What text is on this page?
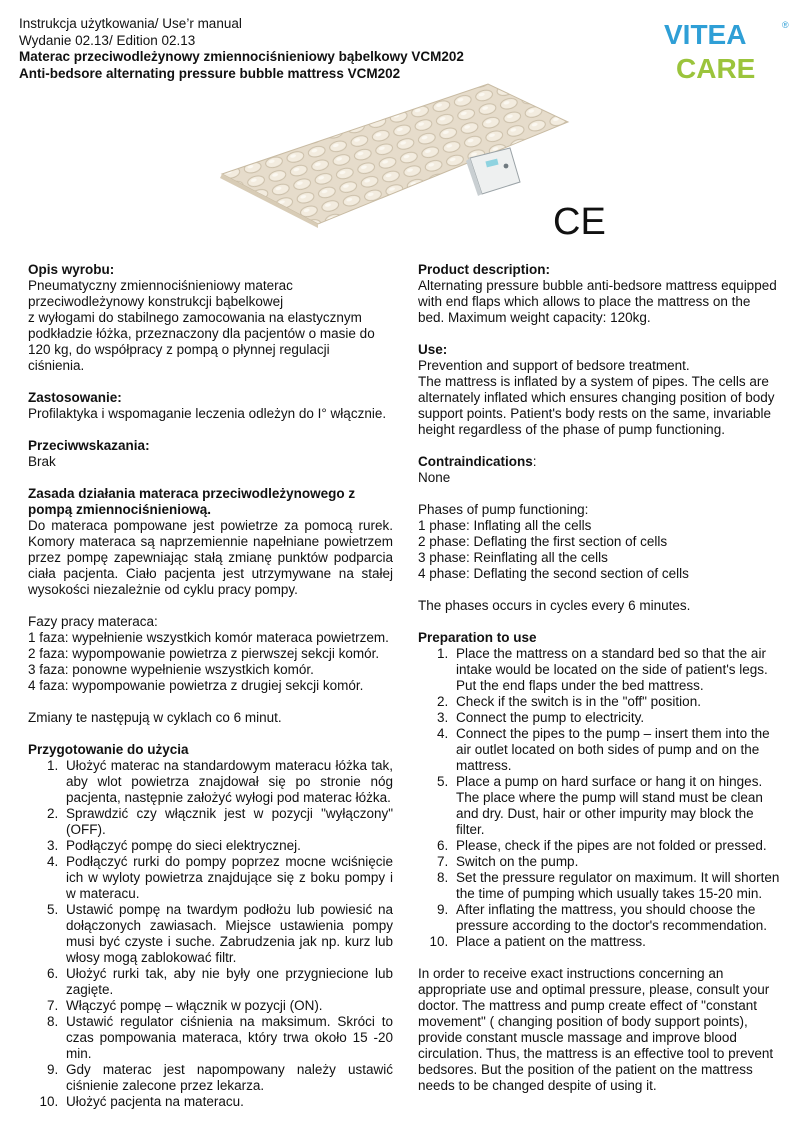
Instrukcja użytkowania/ Use’r manual
Wydanie 02.13/ Edition 02.13
Materac przeciwodleżynowy zmiennociśnieniowy bąbelkowy VCM202
Anti-bedsore alternating pressure bubble mattress VCM202
VITEA	®
CARE
CE
Opis wyrobu:

Pneumatyczny zmiennociśnieniowy materac

przeciwodleżynowy konstrukcji bąbelkowej

z wyłogami do stabilnego zamocowania na elastycznym

podkładzie łóżka, przeznaczony dla pacjentów o masie do

120 kg, do współpracy z pompą o płynnej regulacji

ciśnienia.

Zastosowanie:

Profilaktyka i wspomaganie leczenia odleżyn do I° włącznie.

Przeciwwskazania:

Brak

Zasada działania materaca przeciwodleżynowego z pompą zmiennociśnieniową.

Do materaca pompowane jest powietrze za pomocą rurek. Komory materaca są naprzemiennie napełniane powietrzem przez pompę zapewniając stałą zmianę punktów podparcia ciała pacjenta. Ciało pacjenta jest utrzymywane na stałej wysokości niezależnie od cyklu pracy pompy.

Fazy pracy materaca:

1 faza: wypełnienie wszystkich komór materaca powietrzem.

2 faza: wypompowanie powietrza z pierwszej sekcji komór.

3 faza: ponowne wypełnienie wszystkich komór.

4 faza: wypompowanie powietrza z drugiej sekcji komór.

Zmiany te następują w cyklach co 6 minut.

Przygotowanie do użycia
1. Ułożyć materac na standardowym materacu łóżka tak, aby wlot powietrza znajdował się po stronie nóg pacjenta, następnie założyć wyłogi pod materac łóżka.
2. Sprawdzić czy włącznik jest w pozycji "wyłączony" (OFF).
3. Podłączyć pompę do sieci elektrycznej.
4. Podłączyć rurki do pompy poprzez mocne wciśnięcie ich w wyloty powietrza znajdujące się z boku pompy i w materacu.
5. Ustawić pompę na twardym podłożu lub powiesić na dołączonych zawiasach. Miejsce ustawienia pompy musi być czyste i suche. Zabrudzenia jak np. kurz lub włosy mogą zablokować filtr.
6. Ułożyć rurki tak, aby nie były one przygniecione lub zagięte.
7. Włączyć pompę – włącznik w pozycji (ON).
8. Ustawić regulator ciśnienia na maksimum. Skróci to czas pompowania materaca, który trwa około 15 -20 min.
9. Gdy materac jest napompowany należy ustawić ciśnienie zalecone przez lekarza.
10. Ułożyć pacjenta na materacu.
Product description:

Alternating pressure bubble anti-bedsore mattress equipped with end flaps which allows to place the mattress on the bed. Maximum weight capacity: 120kg.

Use:

Prevention and support of bedsore treatment.

The mattress is inflated by a system of pipes. The cells are alternately inflated which ensures changing position of body support points. Patient's body rests on the same, invariable height regardless of the phase of pump functioning.

Contraindications:

None

Phases of pump functioning:

1 phase: Inflating all the cells

2 phase: Deflating the first section of cells

3 phase: Reinflating all the cells

4 phase: Deflating the second section of cells

The phases occurs in cycles every 6 minutes.

Preparation to use
1. Place the mattress on a standard bed so that the air intake would be located on the side of patient's legs. Put the end flaps under the bed mattress.
2. Check if the switch is in the "off" position.
3. Connect the pump to electricity.
4. Connect the pipes to the pump – insert them into the air outlet located on both sides of pump and on the mattress.
5. Place a pump on hard surface or hang it on hinges. The place where the pump will stand must be clean and dry. Dust, hair or other impurity may block the filter.
6. Please, check if the pipes are not folded or pressed.
7. Switch on the pump.
8. Set the pressure regulator on maximum. It will shorten the time of pumping which usually takes 15-20 min.
9. After inflating the mattress, you should choose the pressure according to the doctor's recommendation.
10. Place a patient on the mattress.

In order to receive exact instructions concerning an appropriate use and optimal pressure, please, consult your doctor. The mattress and pump create effect of "constant movement" ( changing position of body support points), provide constant muscle massage and improve blood circulation. Thus, the mattress is an effective tool to prevent bedsores. But the position of the patient on the mattress needs to be changed despite of using it.
